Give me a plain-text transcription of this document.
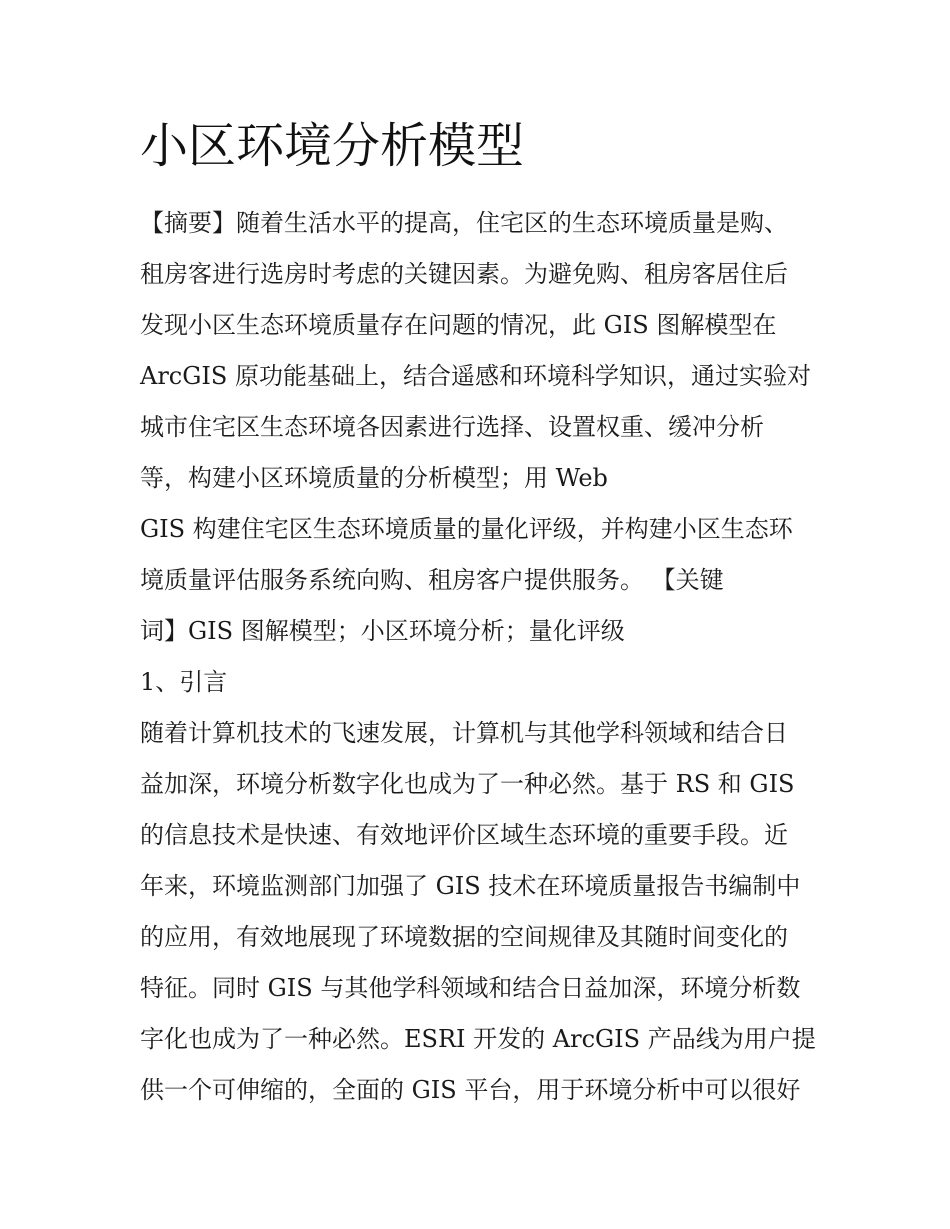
小区环境分析模型
【摘要】随着生活水平的提高，住宅区的生态环境质量是购、
租房客进行选房时考虑的关键因素。为避免购、租房客居住后
发现小区生态环境质量存在问题的情况，此 GIS 图解模型在
ArcGIS 原功能基础上，结合遥感和环境科学知识，通过实验对
城市住宅区生态环境各因素进行选择、设置权重、缓冲分析
等，构建小区环境质量的分析模型；用 Web
GIS 构建住宅区生态环境质量的量化评级，并构建小区生态环
境质量评估服务系统向购、租房客户提供服务。 【关键
词】GIS 图解模型；小区环境分析；量化评级
1、引言
随着计算机技术的飞速发展，计算机与其他学科领域和结合日
益加深，环境分析数字化也成为了一种必然。基于 RS 和 GIS
的信息技术是快速、有效地评价区域生态环境的重要手段。近
年来，环境监测部门加强了 GIS 技术在环境质量报告书编制中
的应用，有效地展现了环境数据的空间规律及其随时间变化的
特征。同时 GIS 与其他学科领域和结合日益加深，环境分析数
字化也成为了一种必然。ESRI 开发的 ArcGIS 产品线为用户提
供一个可伸缩的，全面的 GIS 平台，用于环境分析中可以很好
